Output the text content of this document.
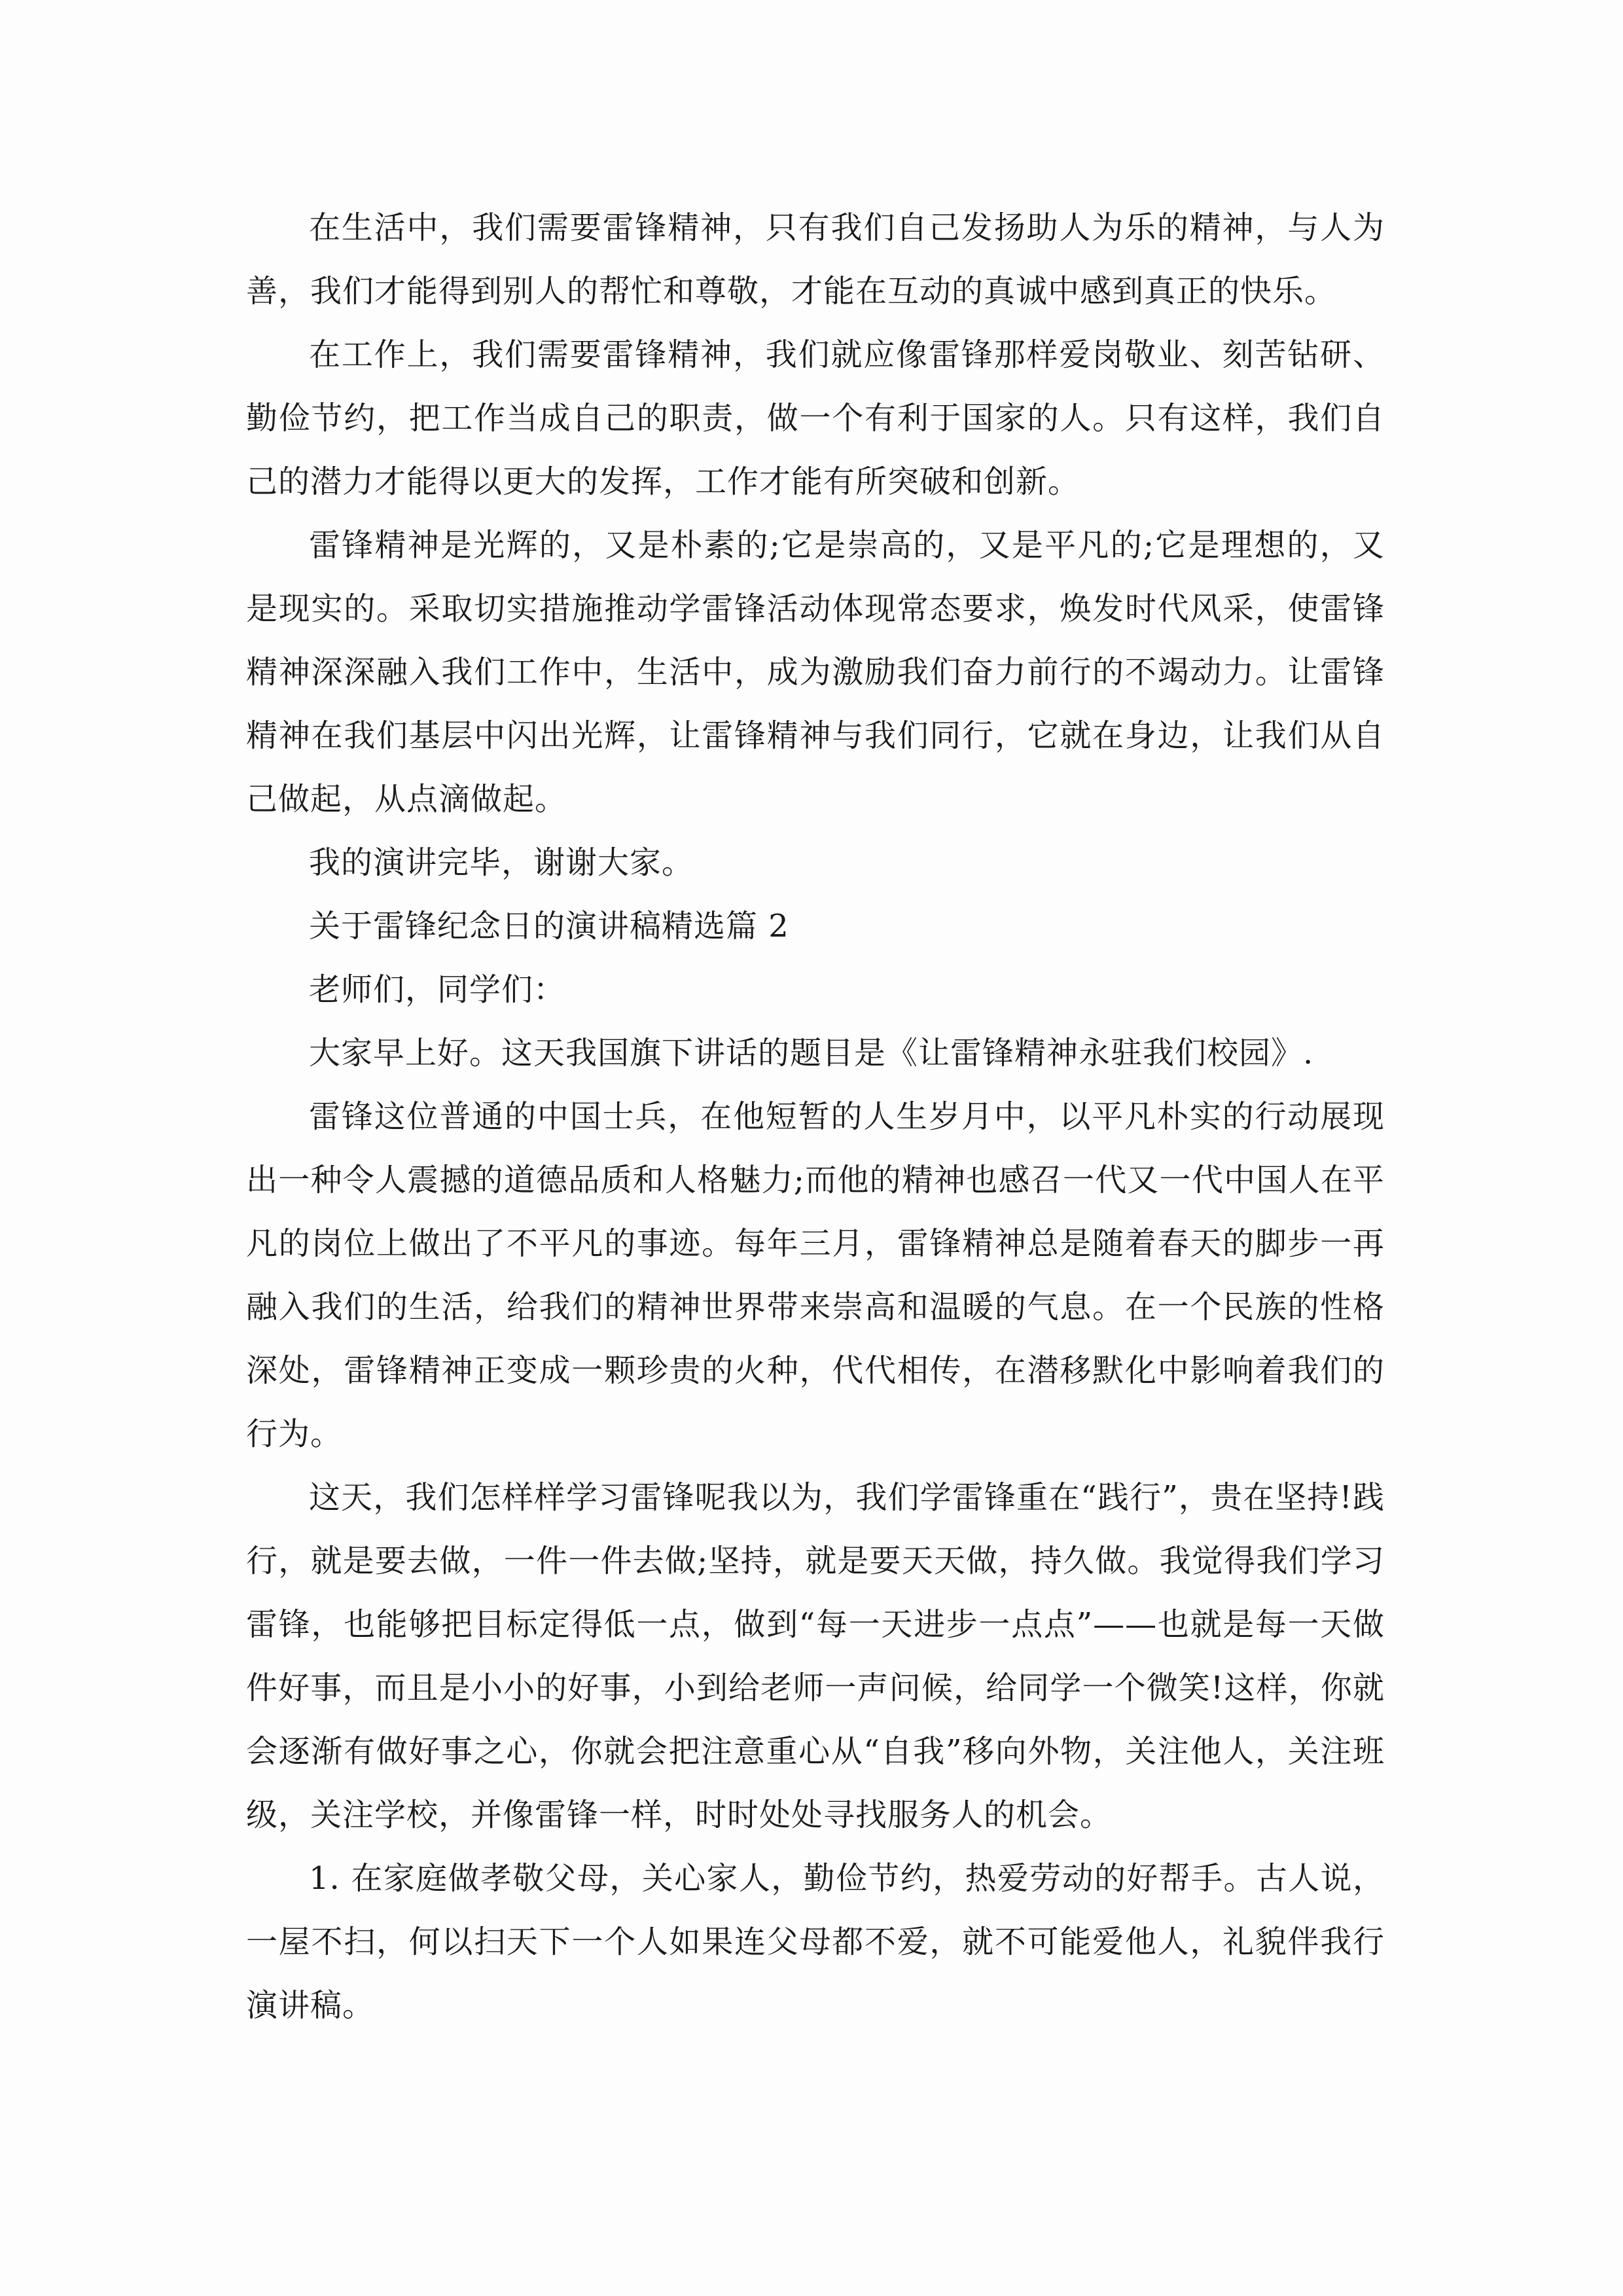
在生活中，我们需要雷锋精神，只有我们自己发扬助人为乐的精神，与人为善，我们才能得到别人的帮忙和尊敬，才能在互动的真诚中感到真正的快乐。

在工作上，我们需要雷锋精神，我们就应像雷锋那样爱岗敬业、刻苦钻研、勤俭节约，把工作当成自己的职责，做一个有利于国家的人。只有这样，我们自己的潜力才能得以更大的发挥，工作才能有所突破和创新。

雷锋精神是光辉的，又是朴素的;它是崇高的，又是平凡的;它是理想的，又是现实的。采取切实措施推动学雷锋活动体现常态要求，焕发时代风采，使雷锋精神深深融入我们工作中，生活中，成为激励我们奋力前行的不竭动力。让雷锋精神在我们基层中闪出光辉，让雷锋精神与我们同行，它就在身边，让我们从自己做起，从点滴做起。

我的演讲完毕，谢谢大家。

关于雷锋纪念日的演讲稿精选篇 2

老师们，同学们：

大家早上好。这天我国旗下讲话的题目是《让雷锋精神永驻我们校园》.

雷锋这位普通的中国士兵，在他短暂的人生岁月中，以平凡朴实的行动展现出一种令人震撼的道德品质和人格魅力;而他的精神也感召一代又一代中国人在平凡的岗位上做出了不平凡的事迹。每年三月，雷锋精神总是随着春天的脚步一再融入我们的生活，给我们的精神世界带来崇高和温暖的气息。在一个民族的性格深处，雷锋精神正变成一颗珍贵的火种，代代相传，在潜移默化中影响着我们的行为。

这天，我们怎样样学习雷锋呢我以为，我们学雷锋重在“践行”，贵在坚持!践行，就是要去做，一件一件去做;坚持，就是要天天做，持久做。我觉得我们学习雷锋，也能够把目标定得低一点，做到“每一天进步一点点”——也就是每一天做件好事，而且是小小的好事，小到给老师一声问候，给同学一个微笑!这样，你就会逐渐有做好事之心，你就会把注意重心从“自我”移向外物，关注他人，关注班级，关注学校，并像雷锋一样，时时处处寻找服务人的机会。

1. 在家庭做孝敬父母，关心家人，勤俭节约，热爱劳动的好帮手。古人说，一屋不扫，何以扫天下一个人如果连父母都不爱，就不可能爱他人，礼貌伴我行演讲稿。
